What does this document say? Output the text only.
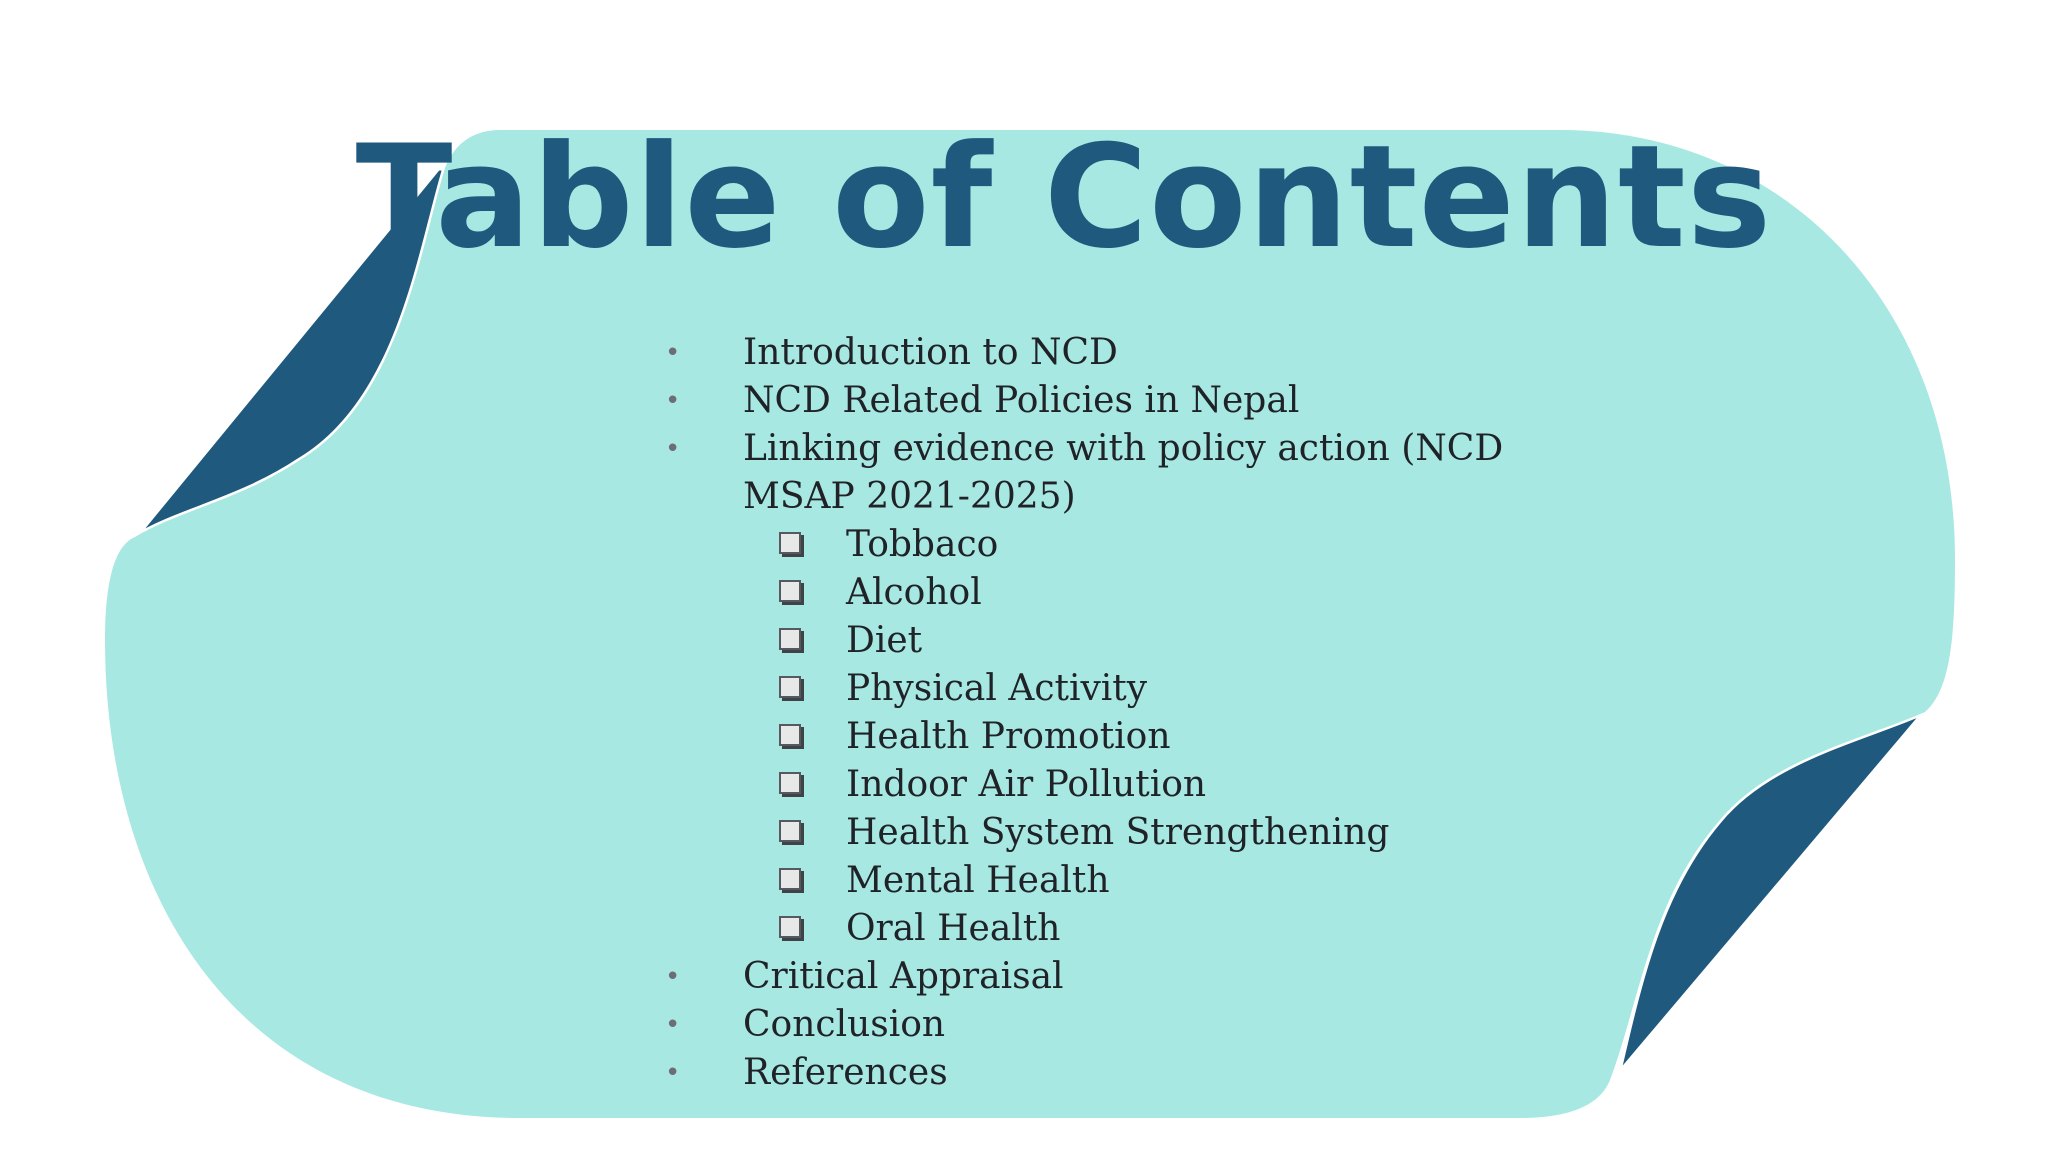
Table of Contents
• Introduction to NCD
• NCD Related Policies in Nepal
• Linking evidence with policy action (NCD
MSAP 2021-2025)
Tobbaco
Alcohol
Diet
Physical Activity
Health Promotion
Indoor Air Pollution
Health System Strengthening
Mental Health
Oral Health
• Critical Appraisal
• Conclusion
• References
